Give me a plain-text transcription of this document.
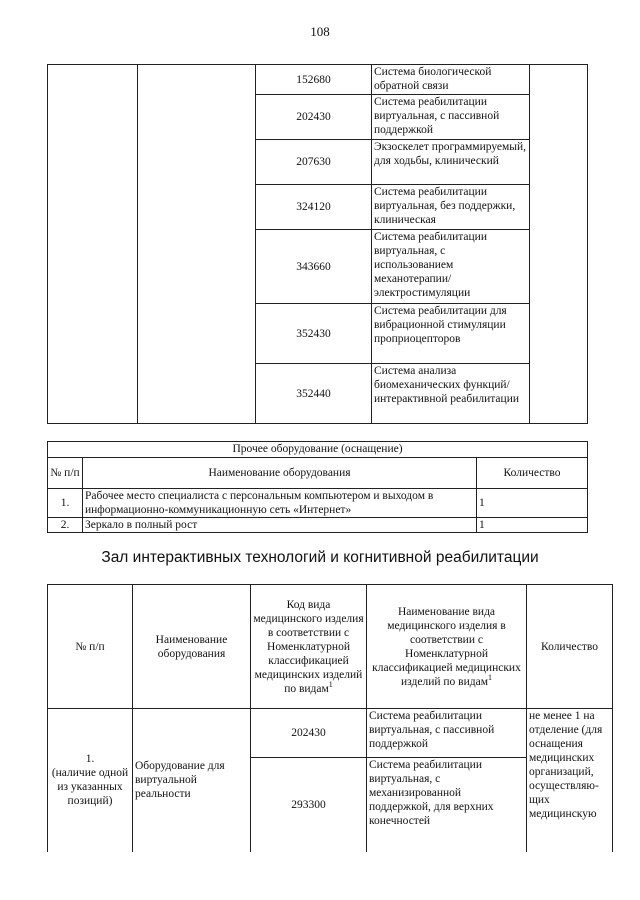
108
		152680	Система биологической обратной связи	
		202430	Система реабилитации виртуальная, с пассивной поддержкой	
		207630	Экзоскелет программируемый, для ходьбы, клинический	
		324120	Система реабилитации виртуальная, без поддержки, клиническая	
		343660	Система реабилитации виртуальная, с использованием механотерапии/ электростимуляции	
		352430	Система реабилитации для вибрационной стимуляции проприоцепторов	
		352440	Система анализа биомеханических функций/интерактивной реабилитации	
Прочее оборудование (оснащение)		
№ п/п	Наименование оборудования	Количество
1.	Рабочее место специалиста с персональным компьютером и выходом в информационно-коммуникационную сеть «Интернет»	1
2.	Зеркало в полный рост	1
Зал интерактивных технологий и когнитивной реабилитации
№ п/п	Наименование оборудования	Код вида медицинского изделия в соответствии с Номенклатурной классификацией медицинских изделий по видам$^1$	Наименование вида медицинского изделия в соответствии с Номенклатурной классификацией медицинских изделий по видам$^1$	Количество

1.
(наличие одной из указанных позиций)	Оборудование для виртуальной реальности	202430	Система реабилитации виртуальная, с пассивной поддержкой	не менее 1 на отделение (для оснащения медицинских организаций, осуществляю- щих медицинскую
		293300	Система реабилитации виртуальная, с механизированной поддержкой, для верхних конечностей	
